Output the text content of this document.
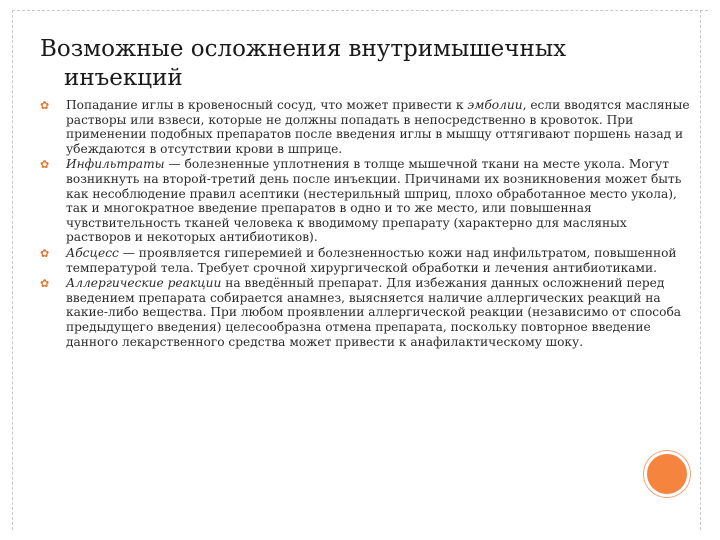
Возможные осложнения внутримышечных
инъекций
✿ Попадание иглы в кровеносный сосуд, что может привести к эмболии, если вводятся масляные растворы или взвеси, которые не должны попадать в непосредственно в кровоток. При применении подобных препаратов после введения иглы в мышцу оттягивают поршень назад и убеждаются в отсутствии крови в шприце.

✿ Инфильтраты — болезненные уплотнения в толще мышечной ткани на месте укола. Могут возникнуть на второй-третий день после инъекции. Причинами их возникновения может быть как несоблюдение правил асептики (нестерильный шприц, плохо обработанное место укола), так и многократное введение препаратов в одно и то же место, или повышенная чувствительность тканей человека к вводимому препарату (характерно для масляных растворов и некоторых антибиотиков).

✿ Абсцесс — проявляется гиперемией и болезненностью кожи над инфильтратом, повышенной температурой тела. Требует срочной хирургической обработки и лечения антибиотиками.

✿ Аллергические реакции на введённый препарат. Для избежания данных осложнений перед введением препарата собирается анамнез, выясняется наличие аллергических реакций на какие-либо вещества. При любом проявлении аллергической реакции (независимо от способа предыдущего введения) целесообразна отмена препарата, поскольку повторное введение данного лекарственного средства может привести к анафилактическому шоку.
